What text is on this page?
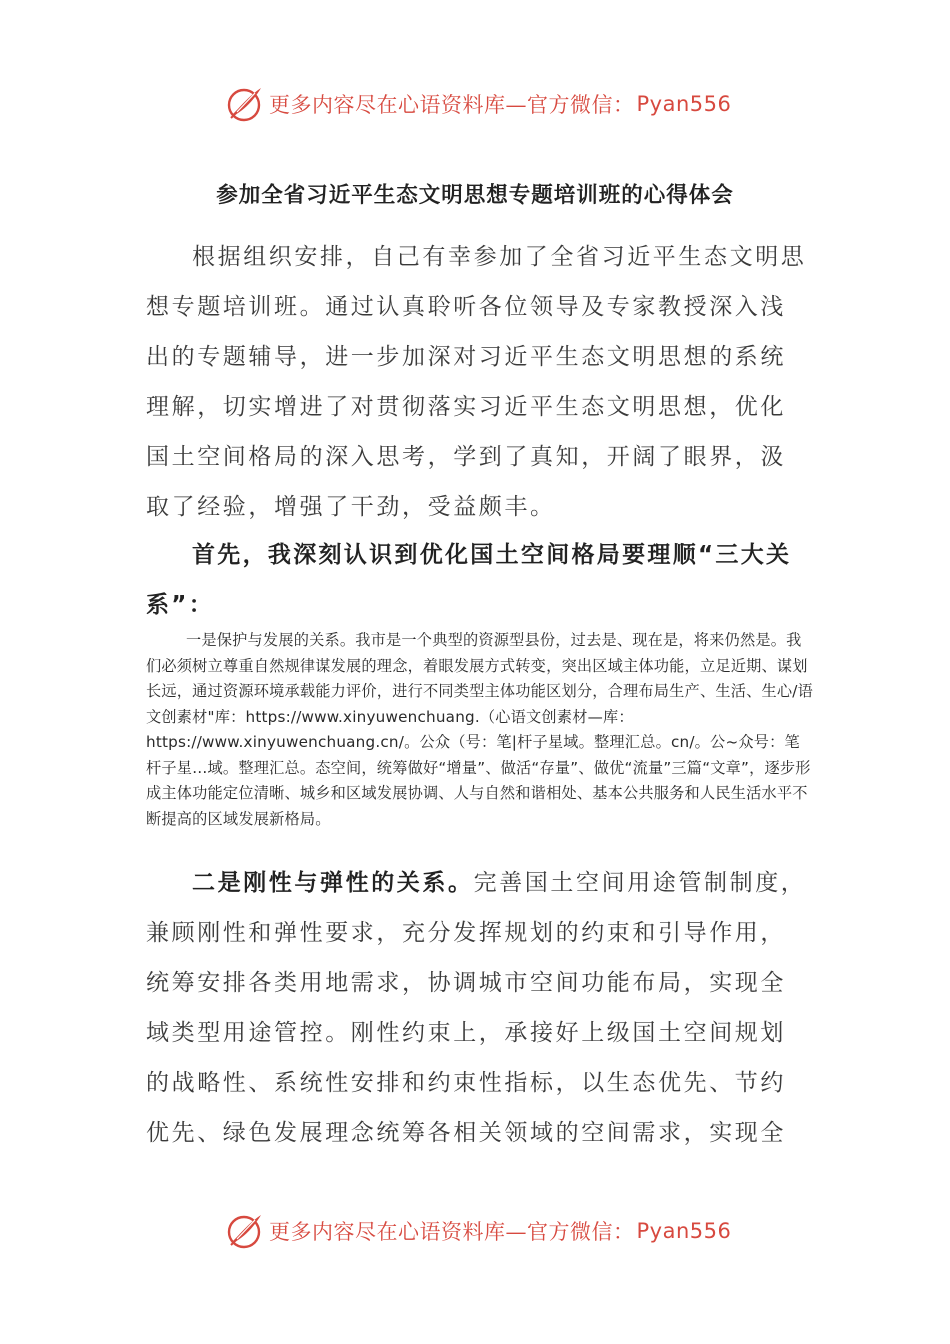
更多内容尽在心语资料库—官方微信： Pyan556
参加全省习近平生态文明思想专题培训班的心得体会

根据组织安排，自己有幸参加了全省习近平生态文明思想专题培训班。通过认真聆听各位领导及专家教授深入浅出的专题辅导，进一步加深对习近平生态文明思想的系统理解，切实增进了对贯彻落实习近平生态文明思想，优化国土空间格局的深入思考，学到了真知，开阔了眼界，汲取了经验，增强了干劲，受益颇丰。

首先，我深刻认识到优化国土空间格局要理顺“三大关系”：

一是保护与发展的关系。我市是一个典型的资源型县份，过去是、现在是，将来仍然是。我们必须树立尊重自然规律谋发展的理念，着眼发展方式转变，突出区域主体功能，立足近期、谋划长远，通过资源环境承载能力评价，进行不同类型主体功能区划分，合理布局生产、生活、生心/语文创素材"库：https://www.xinyuwenchuang.（心语文创素材—库：https://www.xinyuwenchuang.cn/。公众（号：笔|杆子星域。整理汇总。cn/。公~众号：笔杆子星…域。整理汇总。态空间，统筹做好“增量”、做活“存量”、做优“流量”三篇“文章”，逐步形成主体功能定位清晰、城乡和区域发展协调、人与自然和谐相处、基本公共服务和人民生活水平不断提高的区域发展新格局。

二是刚性与弹性的关系。完善国土空间用途管制制度，兼顾刚性和弹性要求，充分发挥规划的约束和引导作用，统筹安排各类用地需求，协调城市空间功能布局，实现全域类型用途管控。刚性约束上，承接好上级国土空间规划的战略性、系统性安排和约束性指标，以生态优先、节约优先、绿色发展理念统筹各相关领域的空间需求，实现全

更多内容尽在心语资料库—官方微信： Pyan556
